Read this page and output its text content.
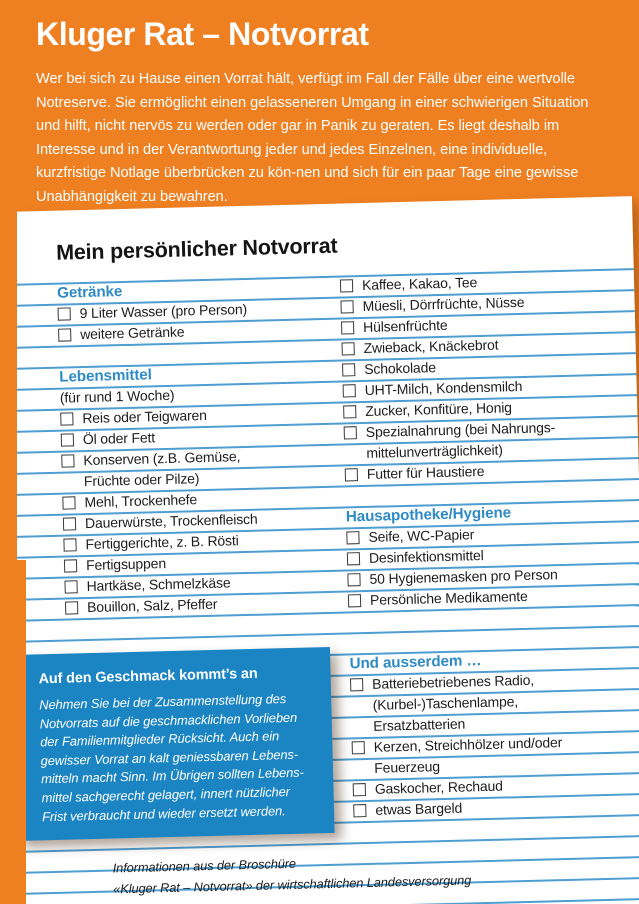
Kluger Rat – Notvorrat
Wer bei sich zu Hause einen Vorrat hält, verfügt im Fall der Fälle über eine wertvolle Notreserve. Sie ermöglicht einen gelasseneren Umgang in einer schwierigen Situation und hilft, nicht nervös zu werden oder gar in Panik zu geraten. Es liegt deshalb im Interesse und in der Verantwortung jeder und jedes Einzelnen, eine individuelle, kurzfristige Notlage überbrücken zu kön-nen und sich für ein paar Tage eine gewisse Unabhängigkeit zu bewahren.
Mein persönlicher Notvorrat
Getränke
9 Liter Wasser (pro Person)
weitere Getränke
Lebensmittel
(für rund 1 Woche)
Reis oder Teigwaren
Öl oder Fett
Konserven (z.B. Gemüse,
Früchte oder Pilze)
Mehl, Trockenhefe
Dauerwürste, Trockenfleisch
Fertiggerichte, z. B. Rösti
Fertigsuppen
Hartkäse, Schmelzkäse
Bouillon, Salz, Pfeffer
Kaffee, Kakao, Tee
Müesli, Dörrfrüchte, Nüsse
Hülsenfrüchte
Zwieback, Knäckebrot
Schokolade
UHT-Milch, Kondensmilch
Zucker, Konfitüre, Honig
Spezialnahrung (bei Nahrungs-
mittelunverträglichkeit)
Futter für Haustiere
Hausapotheke/Hygiene
Seife, WC-Papier
Desinfektionsmittel
50 Hygienemasken pro Person
Persönliche Medikamente
Und ausserdem …
Batteriebetriebenes Radio,
(Kurbel-)Taschenlampe,
Ersatzbatterien
Kerzen, Streichhölzer und/oder
Feuerzeug
Gaskocher, Rechaud
etwas Bargeld
Informationen aus der Broschüre
«Kluger Rat – Notvorrat» der wirtschaftlichen Landesversorgung
Auf den Geschmack kommt’s an
Nehmen Sie bei der Zusammenstellung des Notvorrats auf die geschmacklichen Vorlieben der Familienmitglieder Rücksicht. Auch ein gewisser Vorrat an kalt geniessbaren Lebens-mitteln macht Sinn. Im Übrigen sollten Lebens-mittel sachgerecht gelagert, innert nützlicher Frist verbraucht und wieder ersetzt werden.
